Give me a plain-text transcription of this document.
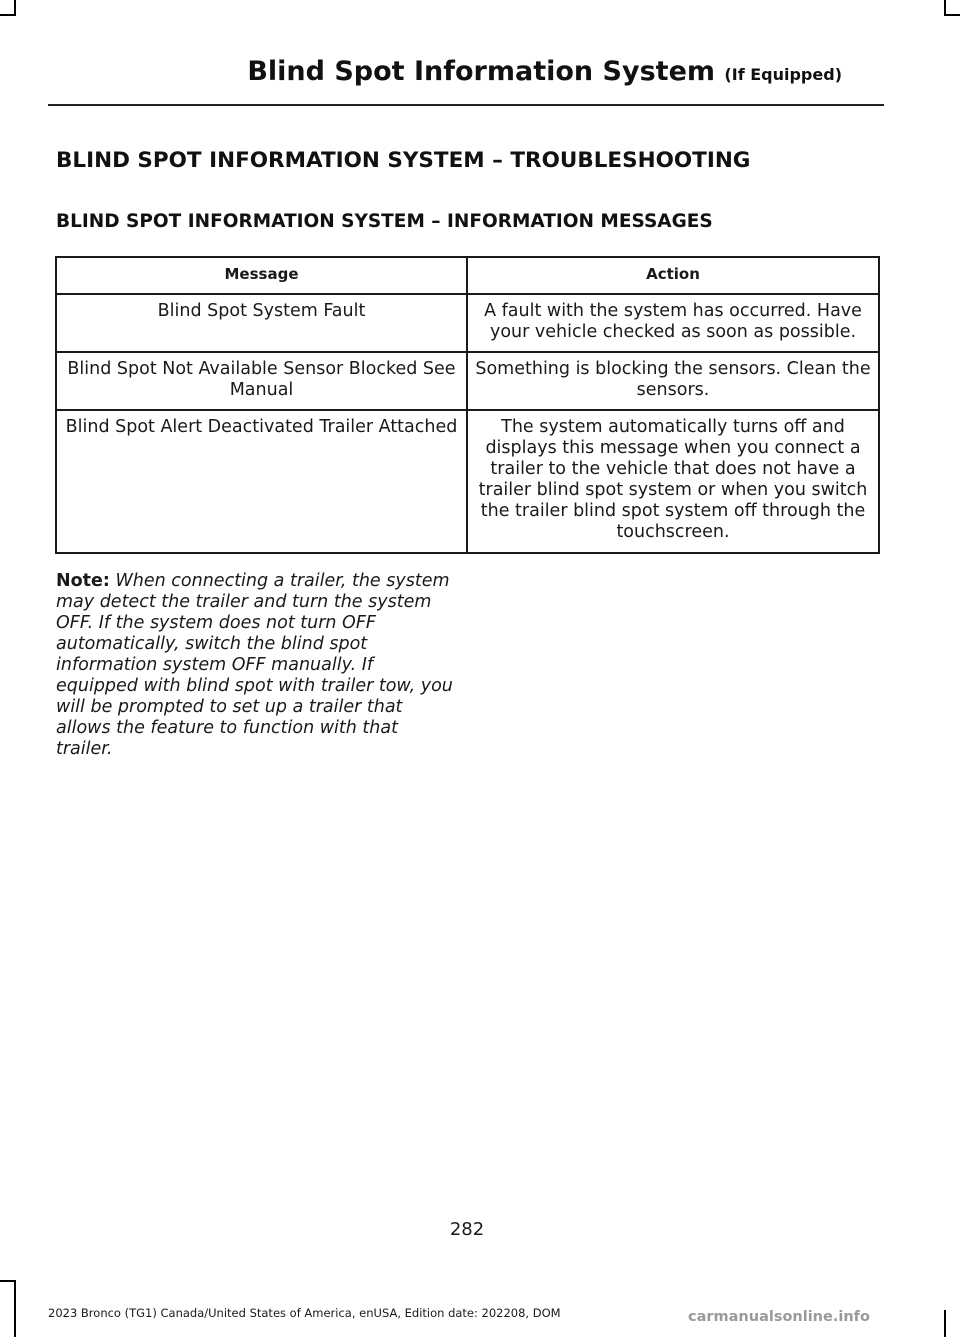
Blind Spot Information System (If Equipped)
BLIND SPOT INFORMATION SYSTEM – TROUBLESHOOTING
BLIND SPOT INFORMATION SYSTEM – INFORMATION MESSAGES
Message	Action
Blind Spot System Fault	A fault with the system has occurred. Have your vehicle checked as soon as possible.
Blind Spot Not Available Sensor Blocked See Manual	Something is blocking the sensors. Clean the sensors.
Blind Spot Alert Deactivated Trailer Attached	The system automatically turns off and displays this message when you connect a trailer to the vehicle that does not have a trailer blind spot system or when you switch the trailer blind spot system off through the touchscreen.
Note: When connecting a trailer, the system may detect the trailer and turn the system OFF. If the system does not turn OFF automatically, switch the blind spot information system OFF manually. If equipped with blind spot with trailer tow, you will be prompted to set up a trailer that allows the feature to function with that trailer.
282
2023 Bronco (TG1) Canada/United States of America, enUSA, Edition date: 202208, DOM	carmanualsonline.info
